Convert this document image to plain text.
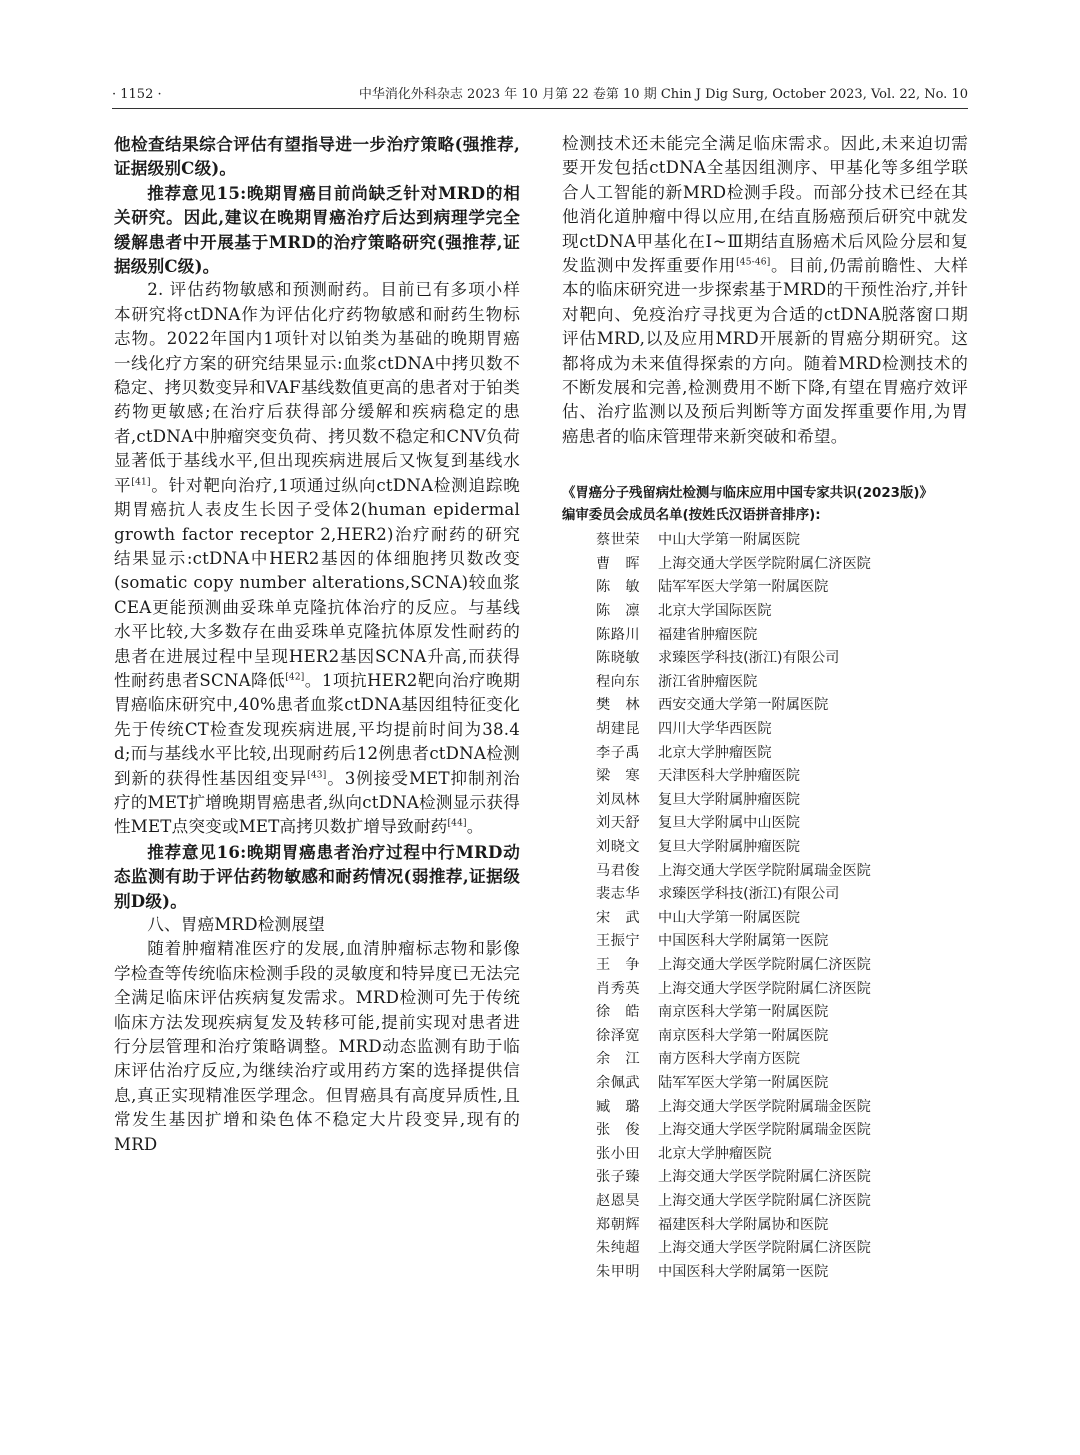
· 1152 ·	中华消化外科杂志 2023 年 10 月第 22 卷第 10 期 Chin J Dig Surg, October 2023, Vol. 22, No. 10

他检查结果综合评估有望指导进一步治疗策略(强推荐,证据级别C级)。

推荐意见15:晚期胃癌目前尚缺乏针对MRD的相关研究。因此,建议在晚期胃癌治疗后达到病理学完全缓解患者中开展基于MRD的治疗策略研究(强推荐,证据级别C级)。

2. 评估药物敏感和预测耐药。目前已有多项小样本研究将ctDNA作为评估化疗药物敏感和耐药生物标志物。2022年国内1项针对以铂类为基础的晚期胃癌一线化疗方案的研究结果显示:血浆ctDNA中拷贝数不稳定、拷贝数变异和VAF基线数值更高的患者对于铂类药物更敏感;在治疗后获得部分缓解和疾病稳定的患者,ctDNA中肿瘤突变负荷、拷贝数不稳定和CNV负荷显著低于基线水平,但出现疾病进展后又恢复到基线水平[41]。针对靶向治疗,1项通过纵向ctDNA检测追踪晚期胃癌抗人表皮生长因子受体2(human epidermal growth factor receptor 2,HER2)治疗耐药的研究结果显示:ctDNA中HER2基因的体细胞拷贝数改变(somatic copy number alterations,SCNA)较血浆CEA更能预测曲妥珠单克隆抗体治疗的反应。与基线水平比较,大多数存在曲妥珠单克隆抗体原发性耐药的患者在进展过程中呈现HER2基因SCNA升高,而获得性耐药患者SCNA降低[42]。1项抗HER2靶向治疗晚期胃癌临床研究中,40%患者血浆ctDNA基因组特征变化先于传统CT检查发现疾病进展,平均提前时间为38.4 d;而与基线水平比较,出现耐药后12例患者ctDNA检测到新的获得性基因组变异[43]。3例接受MET抑制剂治疗的MET扩增晚期胃癌患者,纵向ctDNA检测显示获得性MET点突变或MET高拷贝数扩增导致耐药[44]。

推荐意见16:晚期胃癌患者治疗过程中行MRD动态监测有助于评估药物敏感和耐药情况(弱推荐,证据级别D级)。

八、胃癌MRD检测展望

随着肿瘤精准医疗的发展,血清肿瘤标志物和影像学检查等传统临床检测手段的灵敏度和特异度已无法完全满足临床评估疾病复发需求。MRD检测可先于传统临床方法发现疾病复发及转移可能,提前实现对患者进行分层管理和治疗策略调整。MRD动态监测有助于临床评估治疗反应,为继续治疗或用药方案的选择提供信息,真正实现精准医学理念。但胃癌具有高度异质性,且常发生基因扩增和染色体不稳定大片段变异,现有的MRD

检测技术还未能完全满足临床需求。因此,未来迫切需要开发包括ctDNA全基因组测序、甲基化等多组学联合人工智能的新MRD检测手段。而部分技术已经在其他消化道肿瘤中得以应用,在结直肠癌预后研究中就发现ctDNA甲基化在Ⅰ~Ⅲ期结直肠癌术后风险分层和复发监测中发挥重要作用[45-46]。目前,仍需前瞻性、大样本的临床研究进一步探索基于MRD的干预性治疗,并针对靶向、免疫治疗寻找更为合适的ctDNA脱落窗口期评估MRD,以及应用MRD开展新的胃癌分期研究。这都将成为未来值得探索的方向。随着MRD检测技术的不断发展和完善,检测费用不断下降,有望在胃癌疗效评估、治疗监测以及预后判断等方面发挥重要作用,为胃癌患者的临床管理带来新突破和希望。

《胃癌分子残留病灶检测与临床应用中国专家共识(2023版)》
编审委员会成员名单(按姓氏汉语拼音排序):
蔡世荣	中山大学第一附属医院
曹　晖	上海交通大学医学院附属仁济医院
陈　敏	陆军军医大学第一附属医院
陈　凛	北京大学国际医院
陈路川	福建省肿瘤医院
陈晓敏	求臻医学科技(浙江)有限公司
程向东	浙江省肿瘤医院
樊　林	西安交通大学第一附属医院
胡建昆	四川大学华西医院
李子禹	北京大学肿瘤医院
梁　寒	天津医科大学肿瘤医院
刘凤林	复旦大学附属肿瘤医院
刘天舒	复旦大学附属中山医院
刘晓文	复旦大学附属肿瘤医院
马君俊	上海交通大学医学院附属瑞金医院
裴志华	求臻医学科技(浙江)有限公司
宋　武	中山大学第一附属医院
王振宁	中国医科大学附属第一医院
王　争	上海交通大学医学院附属仁济医院
肖秀英	上海交通大学医学院附属仁济医院
徐　皓	南京医科大学第一附属医院
徐泽宽	南京医科大学第一附属医院
余　江	南方医科大学南方医院
余佩武	陆军军医大学第一附属医院
臧　璐	上海交通大学医学院附属瑞金医院
张　俊	上海交通大学医学院附属瑞金医院
张小田	北京大学肿瘤医院
张子臻	上海交通大学医学院附属仁济医院
赵恩昊	上海交通大学医学院附属仁济医院
郑朝辉	福建医科大学附属协和医院
朱纯超	上海交通大学医学院附属仁济医院
朱甲明	中国医科大学附属第一医院
